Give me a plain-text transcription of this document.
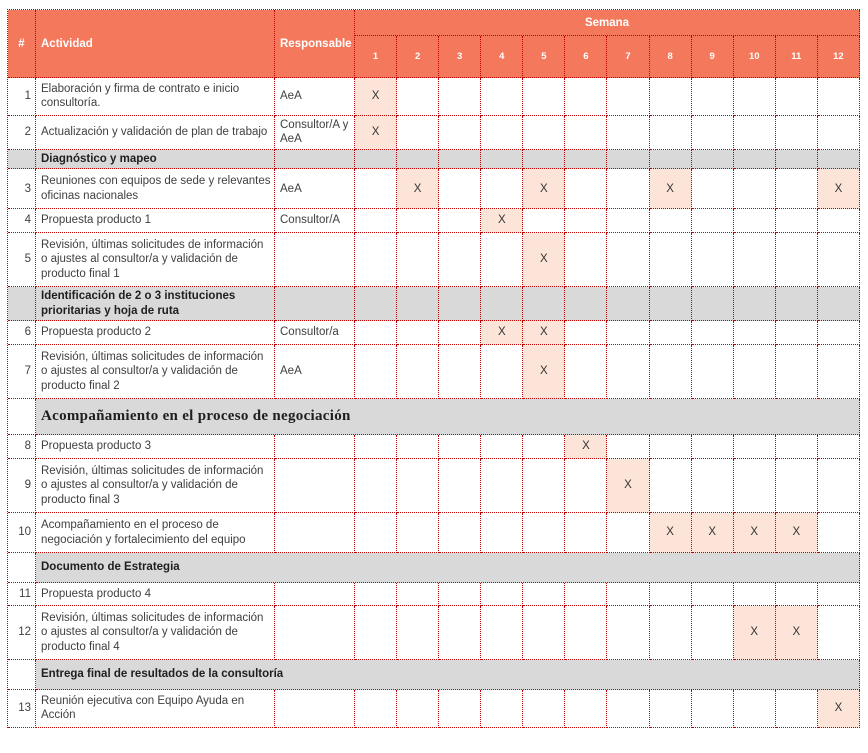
#	Actividad	Responsable	Semana											
			1	2	3	4	5	6	7	8	9	10	11	12
1	Elaboración y firma de contrato e inicio consultoría.	AeA	X											
2	Actualización y validación de plan de trabajo	Consultor/A y AeA	X											
	Diagnóstico y mapeo													
3	Reuniones con equipos de sede y relevantes oficinas nacionales	AeA		X			X			X				X
4	Propuesta producto 1	Consultor/A				X								
5	Revisión, últimas solicitudes de información o ajustes al consultor/a y validación de producto final 1						X							
	Identificación de 2 o 3 instituciones prioritarias y hoja de ruta													
6	Propuesta producto 2	Consultor/a				X	X							
7	Revisión, últimas solicitudes de información o ajustes al consultor/a y validación de producto final 2	AeA					X							
	Acompañamiento en el proceso de negociación													
8	Propuesta producto 3							X						
9	Revisión, últimas solicitudes de información o ajustes al consultor/a y validación de producto final 3								X					
10	Acompañamiento en el proceso de negociación y fortalecimiento del equipo									X	X	X	X	
	Documento de Estrategia													
11	Propuesta producto 4													
12	Revisión, últimas solicitudes de información o ajustes al consultor/a y validación de producto final 4											X	X	
	Entrega final de resultados de la consultoría													
13	Reunión ejecutiva con Equipo Ayuda en Acción													X
